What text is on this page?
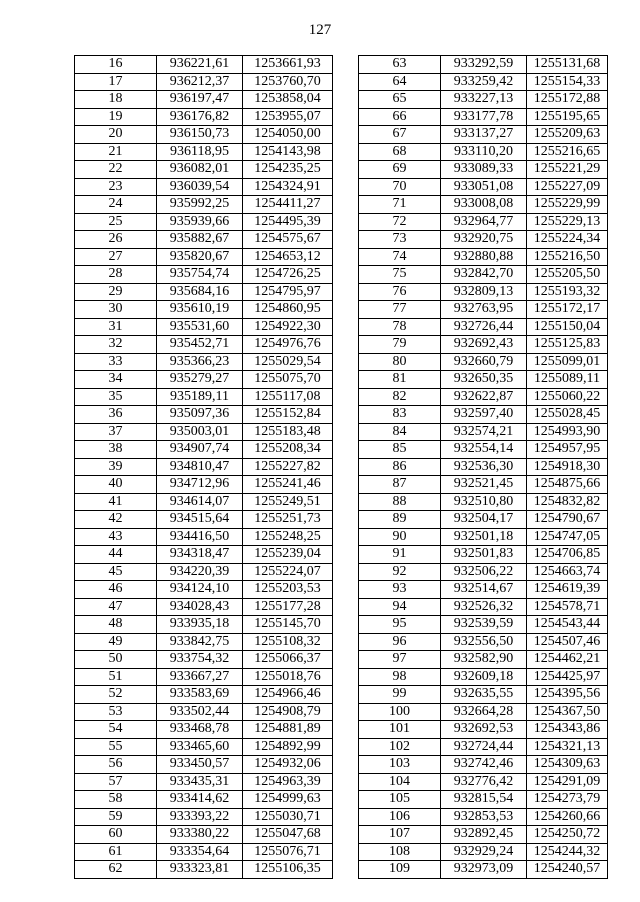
127
16	936221,61	1253661,93
17	936212,37	1253760,70
18	936197,47	1253858,04
19	936176,82	1253955,07
20	936150,73	1254050,00
21	936118,95	1254143,98
22	936082,01	1254235,25
23	936039,54	1254324,91
24	935992,25	1254411,27
25	935939,66	1254495,39
26	935882,67	1254575,67
27	935820,67	1254653,12
28	935754,74	1254726,25
29	935684,16	1254795,97
30	935610,19	1254860,95
31	935531,60	1254922,30
32	935452,71	1254976,76
33	935366,23	1255029,54
34	935279,27	1255075,70
35	935189,11	1255117,08
36	935097,36	1255152,84
37	935003,01	1255183,48
38	934907,74	1255208,34
39	934810,47	1255227,82
40	934712,96	1255241,46
41	934614,07	1255249,51
42	934515,64	1255251,73
43	934416,50	1255248,25
44	934318,47	1255239,04
45	934220,39	1255224,07
46	934124,10	1255203,53
47	934028,43	1255177,28
48	933935,18	1255145,70
49	933842,75	1255108,32
50	933754,32	1255066,37
51	933667,27	1255018,76
52	933583,69	1254966,46
53	933502,44	1254908,79
54	933468,78	1254881,89
55	933465,60	1254892,99
56	933450,57	1254932,06
57	933435,31	1254963,39
58	933414,62	1254999,63
59	933393,22	1255030,71
60	933380,22	1255047,68
61	933354,64	1255076,71
62	933323,81	1255106,35
63	933292,59	1255131,68
64	933259,42	1255154,33
65	933227,13	1255172,88
66	933177,78	1255195,65
67	933137,27	1255209,63
68	933110,20	1255216,65
69	933089,33	1255221,29
70	933051,08	1255227,09
71	933008,08	1255229,99
72	932964,77	1255229,13
73	932920,75	1255224,34
74	932880,88	1255216,50
75	932842,70	1255205,50
76	932809,13	1255193,32
77	932763,95	1255172,17
78	932726,44	1255150,04
79	932692,43	1255125,83
80	932660,79	1255099,01
81	932650,35	1255089,11
82	932622,87	1255060,22
83	932597,40	1255028,45
84	932574,21	1254993,90
85	932554,14	1254957,95
86	932536,30	1254918,30
87	932521,45	1254875,66
88	932510,80	1254832,82
89	932504,17	1254790,67
90	932501,18	1254747,05
91	932501,83	1254706,85
92	932506,22	1254663,74
93	932514,67	1254619,39
94	932526,32	1254578,71
95	932539,59	1254543,44
96	932556,50	1254507,46
97	932582,90	1254462,21
98	932609,18	1254425,97
99	932635,55	1254395,56
100	932664,28	1254367,50
101	932692,53	1254343,86
102	932724,44	1254321,13
103	932742,46	1254309,63
104	932776,42	1254291,09
105	932815,54	1254273,79
106	932853,53	1254260,66
107	932892,45	1254250,72
108	932929,24	1254244,32
109	932973,09	1254240,57
